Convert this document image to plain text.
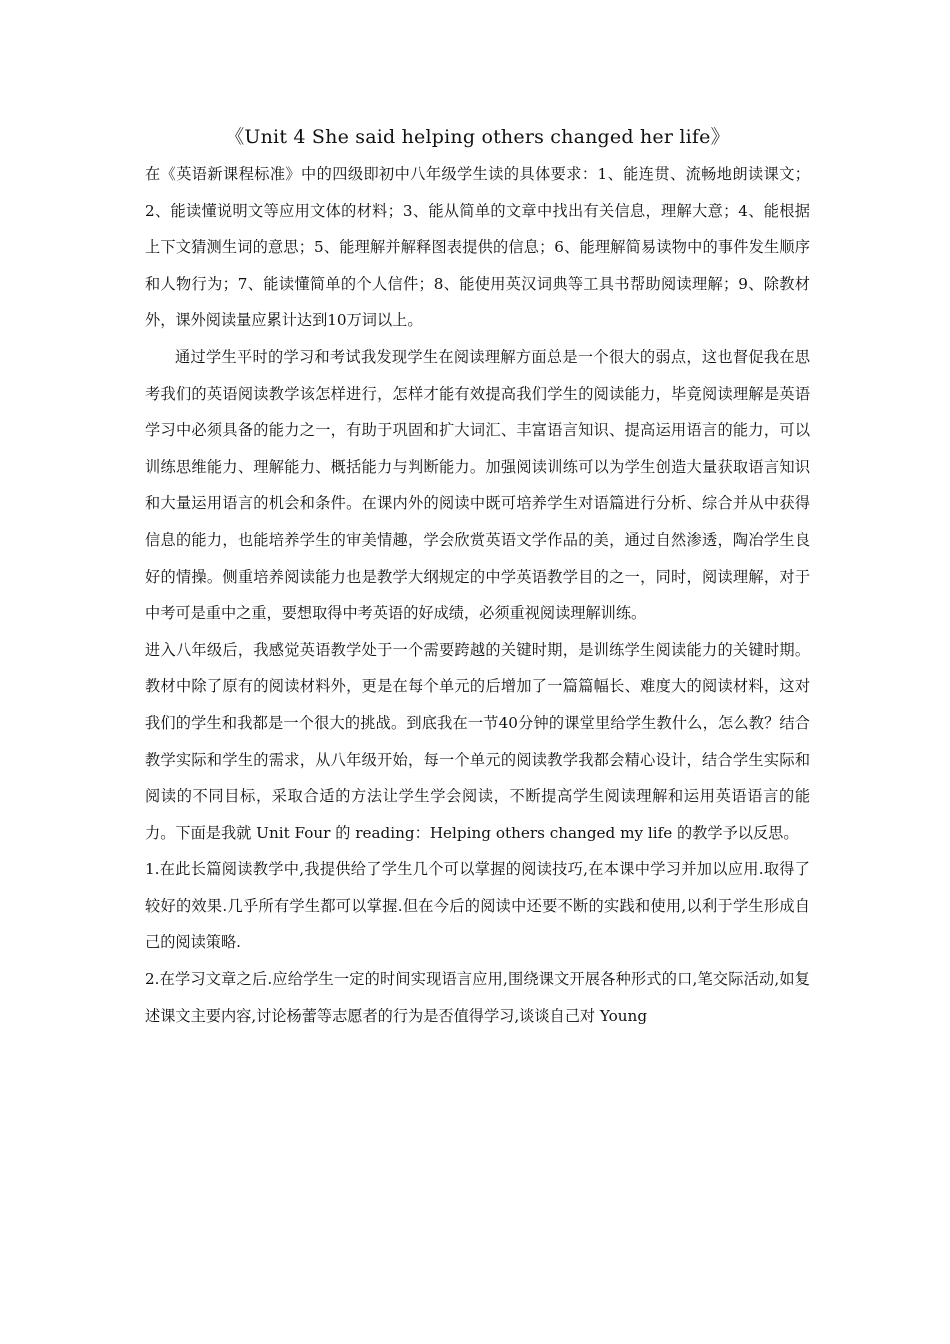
《Unit 4 She said helping others changed her life》

在《英语新课程标准》中的四级即初中八年级学生读的具体要求：1、能连贯、流畅地朗读课文；2、能读懂说明文等应用文体的材料；3、能从简单的文章中找出有关信息，理解大意；4、能根据上下文猜测生词的意思；5、能理解并解释图表提供的信息；6、能理解简易读物中的事件发生顺序和人物行为；7、能读懂简单的个人信件；8、能使用英汉词典等工具书帮助阅读理解；9、除教材外，课外阅读量应累计达到10万词以上。

通过学生平时的学习和考试我发现学生在阅读理解方面总是一个很大的弱点，这也督促我在思考我们的英语阅读教学该怎样进行，怎样才能有效提高我们学生的阅读能力，毕竟阅读理解是英语学习中必须具备的能力之一，有助于巩固和扩大词汇、丰富语言知识、提高运用语言的能力，可以训练思维能力、理解能力、概括能力与判断能力。加强阅读训练可以为学生创造大量获取语言知识和大量运用语言的机会和条件。在课内外的阅读中既可培养学生对语篇进行分析、综合并从中获得信息的能力，也能培养学生的审美情趣，学会欣赏英语文学作品的美，通过自然渗透，陶冶学生良好的情操。侧重培养阅读能力也是教学大纲规定的中学英语教学目的之一，同时，阅读理解，对于中考可是重中之重，要想取得中考英语的好成绩，必须重视阅读理解训练。

进入八年级后，我感觉英语教学处于一个需要跨越的关键时期，是训练学生阅读能力的关键时期。教材中除了原有的阅读材料外，更是在每个单元的后增加了一篇篇幅长、难度大的阅读材料，这对我们的学生和我都是一个很大的挑战。到底我在一节40分钟的课堂里给学生教什么，怎么教？结合教学实际和学生的需求，从八年级开始，每一个单元的阅读教学我都会精心设计，结合学生实际和阅读的不同目标，采取合适的方法让学生学会阅读，不断提高学生阅读理解和运用英语语言的能力。下面是我就 Unit Four 的 reading：Helping others changed my life 的教学予以反思。

1.在此长篇阅读教学中,我提供给了学生几个可以掌握的阅读技巧,在本课中学习并加以应用.取得了较好的效果.几乎所有学生都可以掌握.但在今后的阅读中还要不断的实践和使用,以利于学生形成自己的阅读策略.

2.在学习文章之后.应给学生一定的时间实现语言应用,围绕课文开展各种形式的口,笔交际活动,如复述课文主要内容,讨论杨蕾等志愿者的行为是否值得学习,谈谈自己对 Young
